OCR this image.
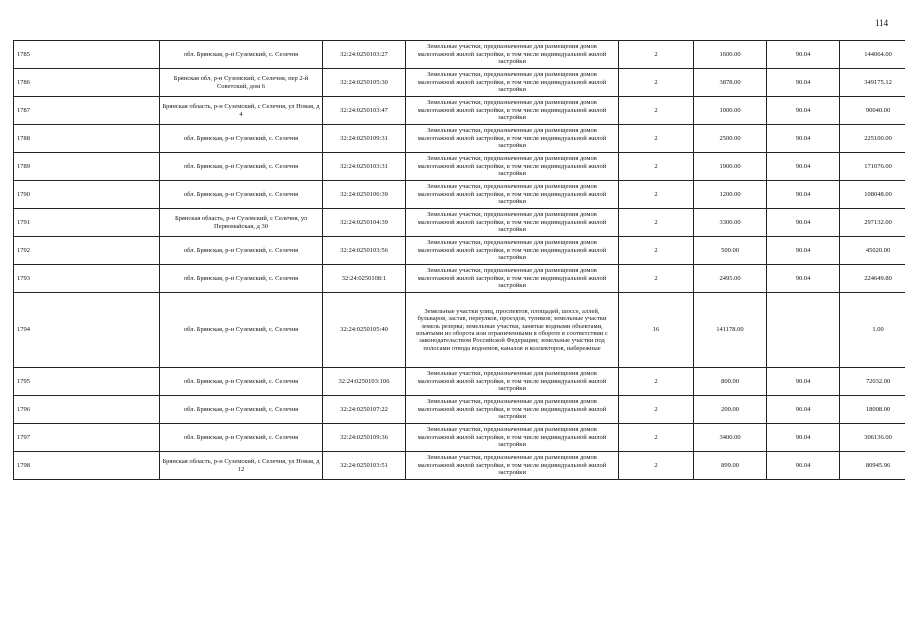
114
1785	обл. Брянская, р-н Суземский, с. Селечня	32:24:0250103:27	Земельные участки, предназначенные для размещения домов малоэтажной жилой застройки, в том числе индивидуальной жилой застройки	2	1600.00	90.04	144064.00
1786	Брянская обл, р-н Суземский, с Селечня, пер 2-й Советский, дом 6	32:24:0250105:30	Земельные участки, предназначенные для размещения домов малоэтажной жилой застройки, в том числе индивидуальной жилой застройки	2	3878.00	90.04	349175.12
1787	Брянская область, р-н Суземский, с Селечня, ул Новая, д 4	32:24:0250103:47	Земельные участки, предназначенные для размещения домов малоэтажной жилой застройки, в том числе индивидуальной жилой застройки	2	1000.00	90.04	90040.00
1788	обл. Брянская, р-н Суземский, с. Селечня	32:24:0250109:31	Земельные участки, предназначенные для размещения домов малоэтажной жилой застройки, в том числе индивидуальной жилой застройки	2	2500.00	90.04	225100.00
1789	обл. Брянская, р-н Суземский, с. Селечня	32:24:0250103:31	Земельные участки, предназначенные для размещения домов малоэтажной жилой застройки, в том числе индивидуальной жилой застройки	2	1900.00	90.04	171076.00
1790	обл. Брянская, р-н Суземский, с. Селечня	32:24:0250106:39	Земельные участки, предназначенные для размещения домов малоэтажной жилой застройки, в том числе индивидуальной жилой застройки	2	1200.00	90.04	108048.00
1791	Брянская область, р-н Суземский, с Селечня, ул Первомайская, д 30	32:24:0250104:39	Земельные участки, предназначенные для размещения домов малоэтажной жилой застройки, в том числе индивидуальной жилой застройки	2	3300.00	90.04	297132.00
1792	обл. Брянская, р-н Суземский, с. Селечня	32:24:0250103:56	Земельные участки, предназначенные для размещения домов малоэтажной жилой застройки, в том числе индивидуальной жилой застройки	2	500.00	90.04	45020.00
1793	обл. Брянская, р-н Суземский, с. Селечня	32:24:0250108:1	Земельные участки, предназначенные для размещения домов малоэтажной жилой застройки, в том числе индивидуальной жилой застройки	2	2495.00	90.04	224649.80
1794	обл. Брянская, р-н Суземский, с. Селечня	32:24:0250105:40	Земельные участки улиц, проспектов, площадей, шоссе, аллей, бульваров, застав, переулков, проездов, тупиков; земельные участки земель резерва; земельные участки, занятые водными объектами, изъятыми из оборота или ограниченными в обороте в соответствии с законодательством Российской Федерации; земельные участки под полосами отвода водоемов, каналов и коллекторов, набережные	16	141178.00		1.00
1795	обл. Брянская, р-н Суземский, с. Селечня	32:24:0250103:106	Земельные участки, предназначенные для размещения домов малоэтажной жилой застройки, в том числе индивидуальной жилой застройки	2	800.00	90.04	72032.00
1796	обл. Брянская, р-н Суземский, с. Селечня	32:24:0250107:22	Земельные участки, предназначенные для размещения домов малоэтажной жилой застройки, в том числе индивидуальной жилой застройки	2	200.00	90.04	18008.00
1797	обл. Брянская, р-н Суземский, с. Селечня	32:24:0250109:36	Земельные участки, предназначенные для размещения домов малоэтажной жилой застройки, в том числе индивидуальной жилой застройки	2	3400.00	90.04	306136.00
1798	Брянская область, р-н Суземский, с Селечня, ул Новая, д 12	32:24:0250103:51	Земельные участки, предназначенные для размещения домов малоэтажной жилой застройки, в том числе индивидуальной жилой застройки	2	899.00	90.04	80945.96
